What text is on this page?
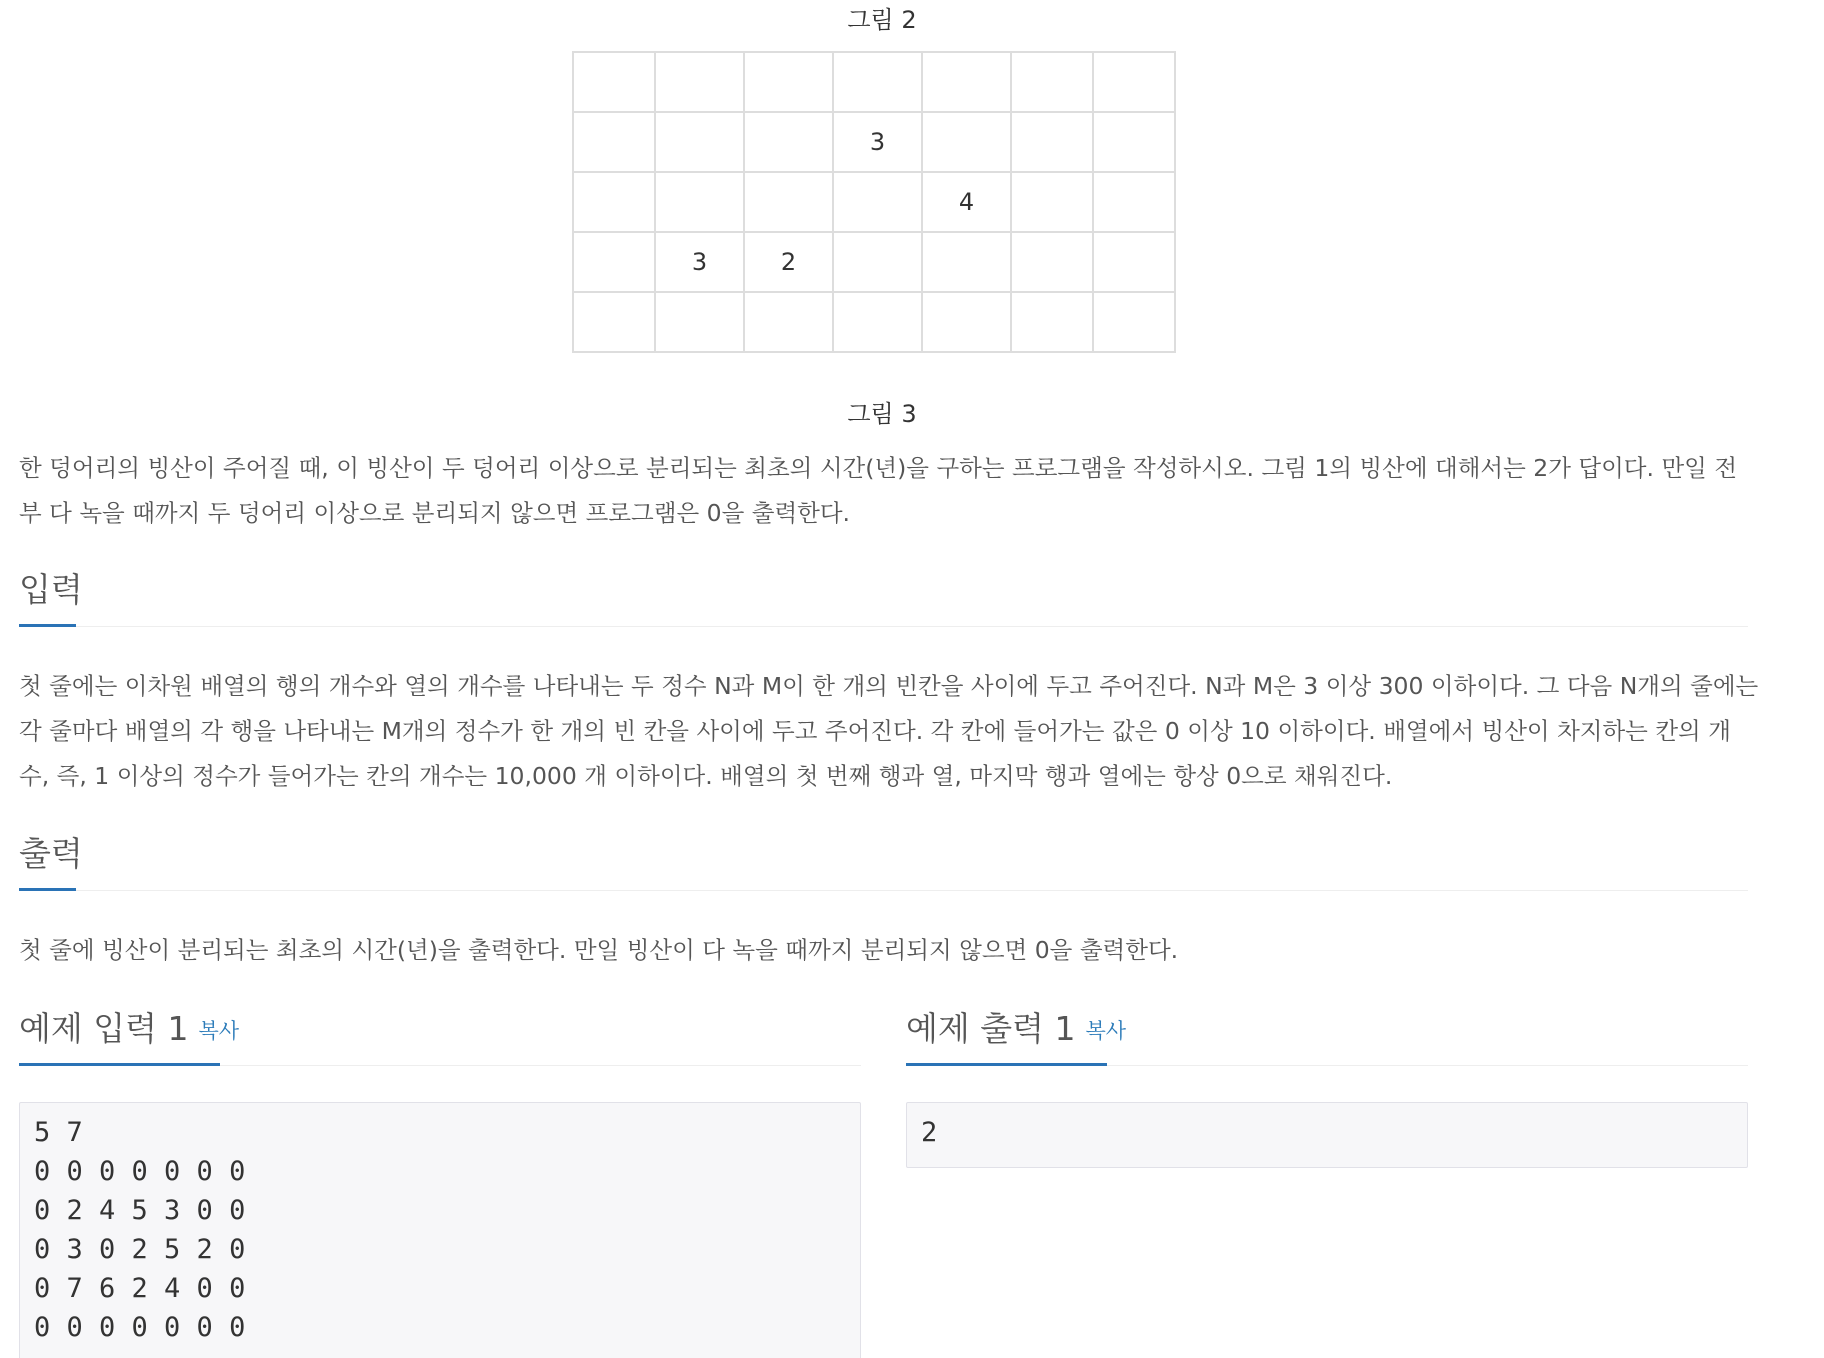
그림 2

			3			
				4		
	3	2				

그림 3
한 덩어리의 빙산이 주어질 때, 이 빙산이 두 덩어리 이상으로 분리되는 최초의 시간(년)을 구하는 프로그램을 작성하시오. 그림 1의 빙산에 대해서는 2가 답이다. 만일 전부 다 녹을 때까지 두 덩어리 이상으로 분리되지 않으면 프로그램은 0을 출력한다.
입력
첫 줄에는 이차원 배열의 행의 개수와 열의 개수를 나타내는 두 정수 N과 M이 한 개의 빈칸을 사이에 두고 주어진다. N과 M은 3 이상 300 이하이다. 그 다음 N개의 줄에는 각 줄마다 배열의 각 행을 나타내는 M개의 정수가 한 개의 빈 칸을 사이에 두고 주어진다. 각 칸에 들어가는 값은 0 이상 10 이하이다. 배열에서 빙산이 차지하는 칸의 개수, 즉, 1 이상의 정수가 들어가는 칸의 개수는 10,000 개 이하이다. 배열의 첫 번째 행과 열, 마지막 행과 열에는 항상 0으로 채워진다.
출력
첫 줄에 빙산이 분리되는 최초의 시간(년)을 출력한다. 만일 빙산이 다 녹을 때까지 분리되지 않으면 0을 출력한다.
예제 입력 1 복사
5 7
0 0 0 0 0 0 0
0 2 4 5 3 0 0
0 3 0 2 5 2 0
0 7 6 2 4 0 0
0 0 0 0 0 0 0
예제 출력 1 복사
2
